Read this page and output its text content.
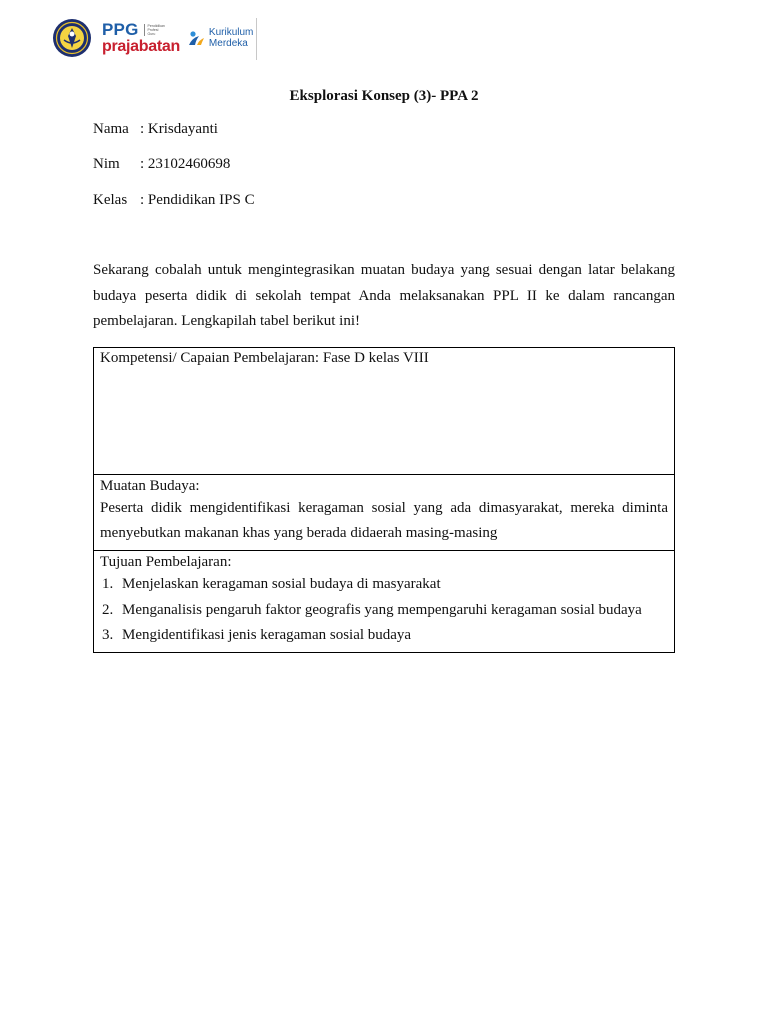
PPG	Pendidikan
Profesi
Guru
prajabatan
Kurikulum
Merdeka
Eksplorasi Konsep (3)- PPA 2
Nama : Krisdayanti
Nim	: 23102460698
Kelas : Pendidikan IPS C

Sekarang cobalah untuk mengintegrasikan muatan budaya yang sesuai dengan latar belakang budaya peserta didik di sekolah tempat Anda melaksanakan PPL II ke dalam rancangan pembelajaran. Lengkapilah tabel berikut ini!

Kompetensi/ Capaian Pembelajaran: Fase D kelas VIII
Muatan Budaya:

Peserta didik mengidentifikasi keragaman sosial yang ada dimasyarakat, mereka diminta menyebutkan makanan khas yang berada didaerah masing-masing

Tujuan Pembelajaran:
1. Menjelaskan keragaman sosial budaya di masyarakat
2. Menganalisis pengaruh faktor geografis yang mempengaruhi keragaman sosial budaya
3. Mengidentifikasi jenis keragaman sosial budaya
